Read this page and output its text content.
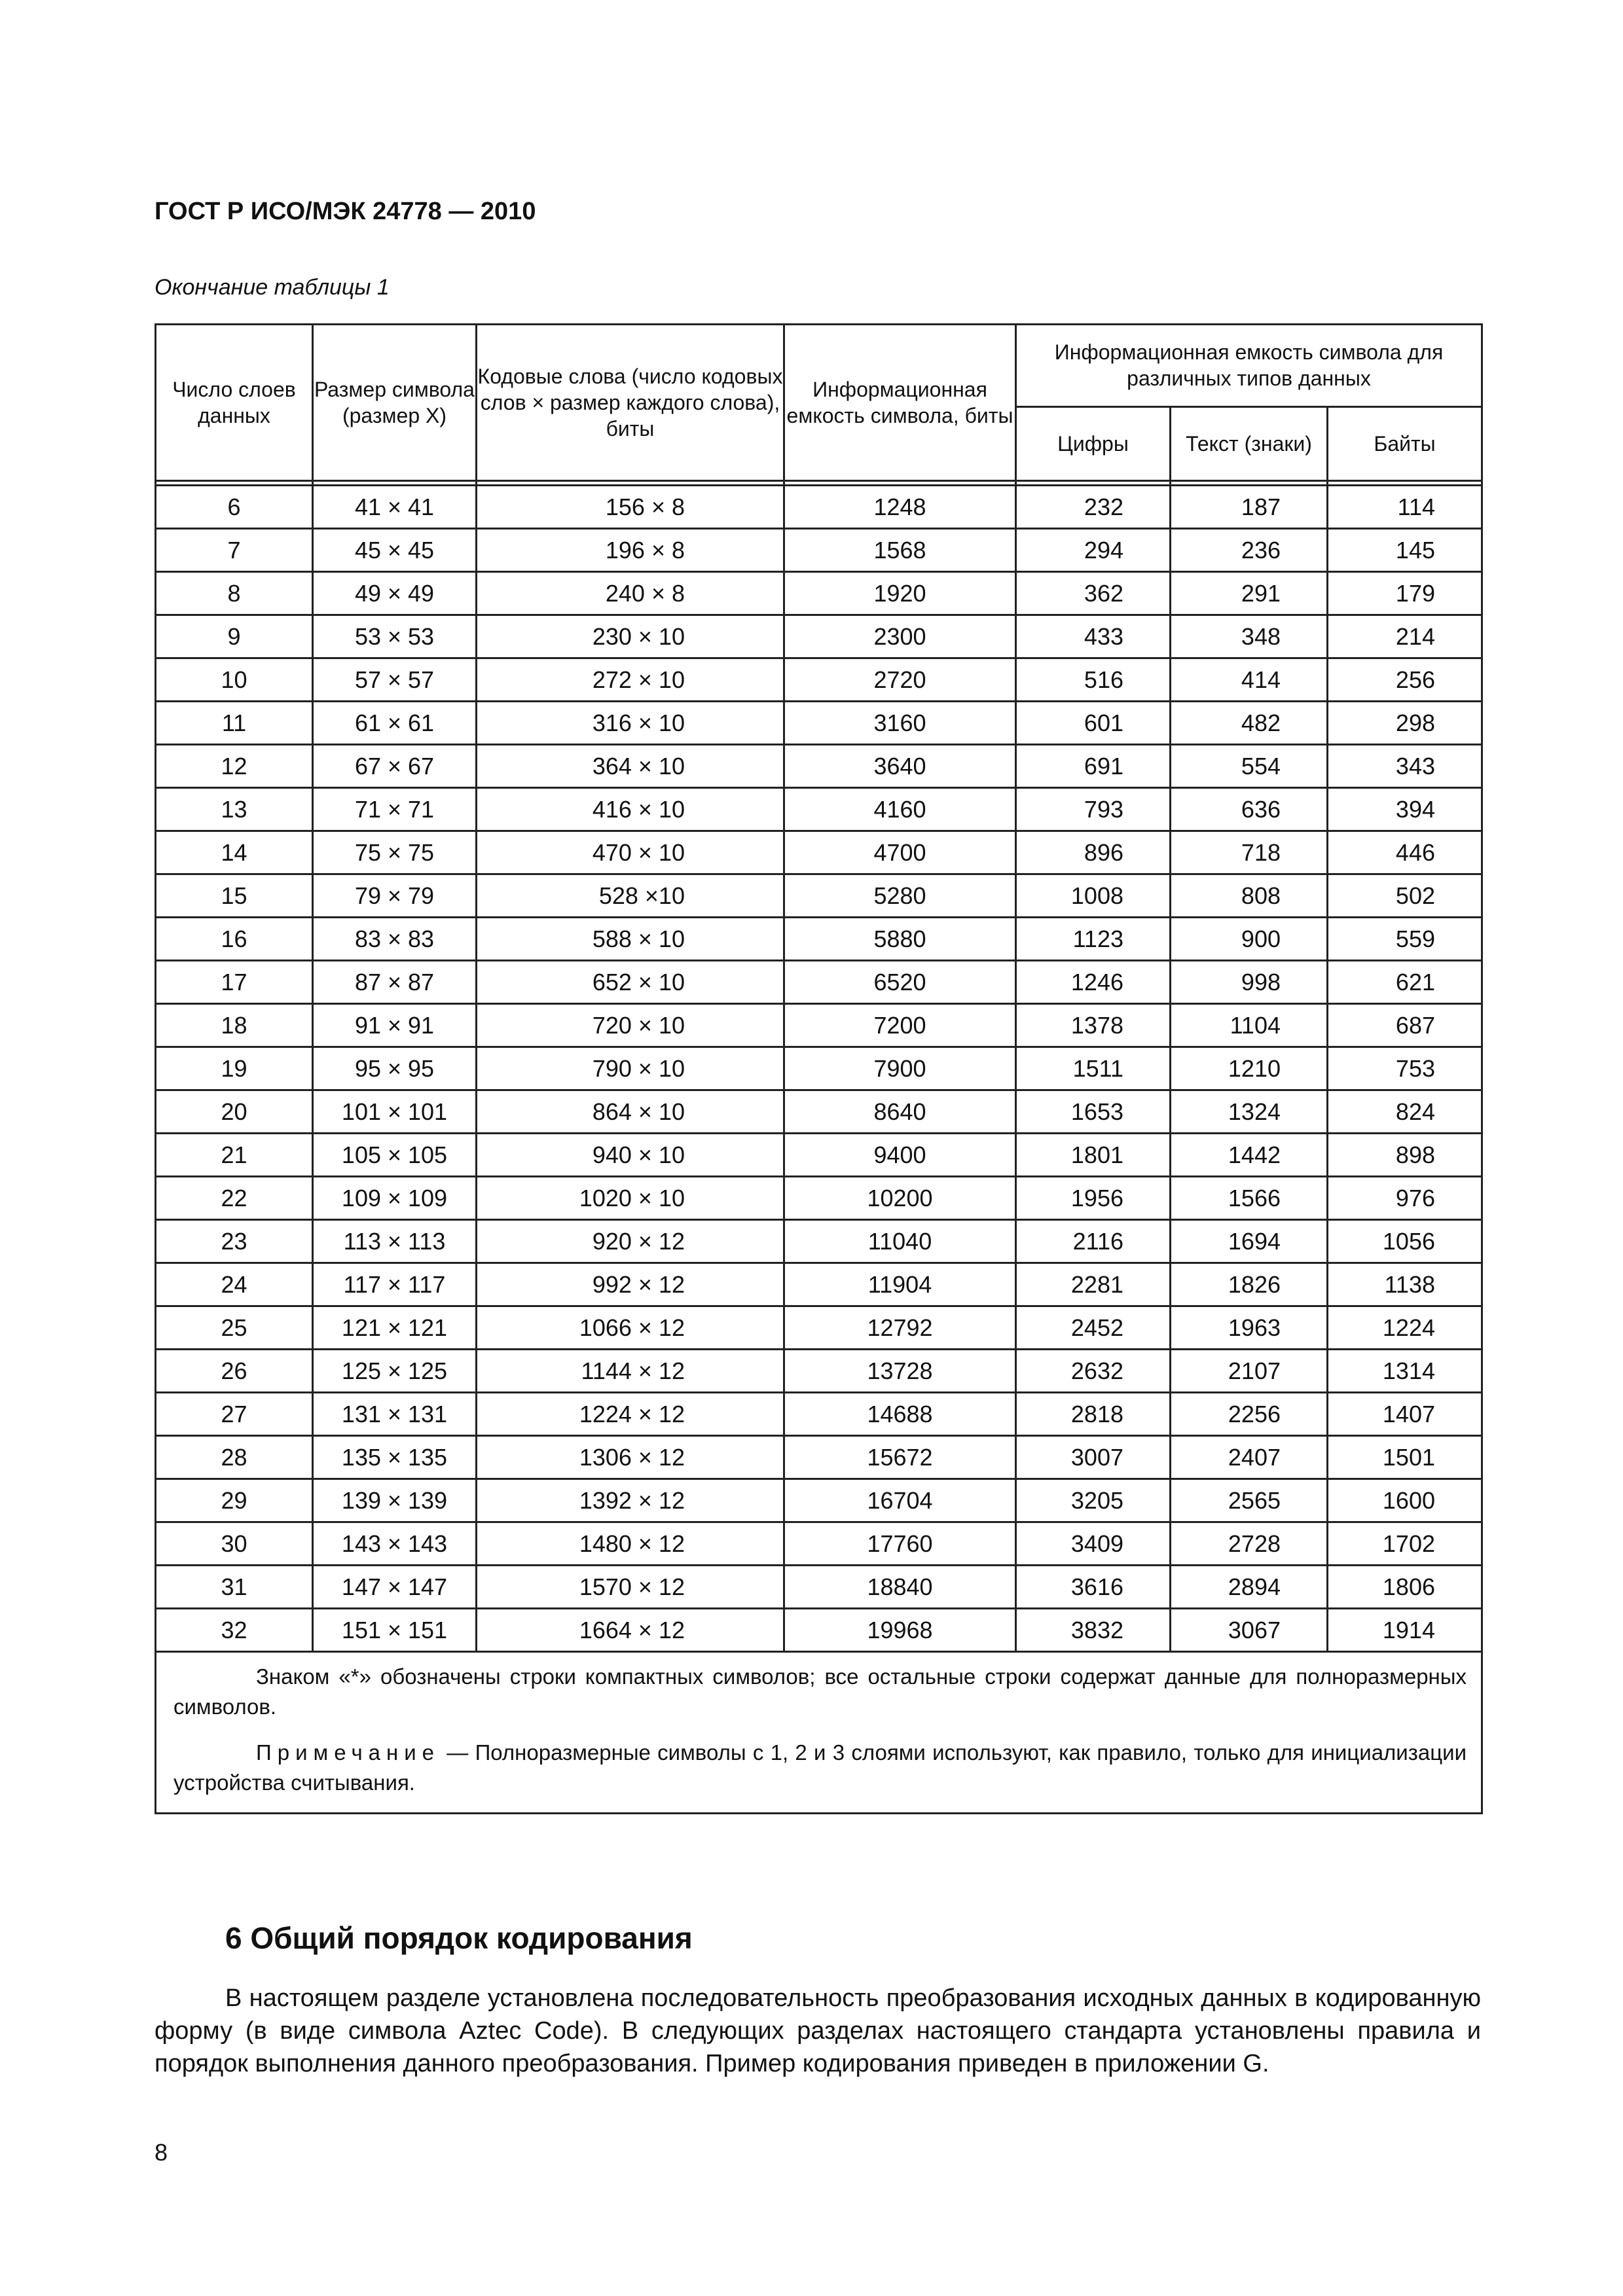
ГОСТ Р ИСО/МЭК 24778 — 2010
Окончание таблицы 1
Число слоев данных	Размер символа (размер X)	Кодовые слова (число кодовых слов × размер каждого слова), биты	Информационная емкость символа, биты	Информационная емкость символа для различных типов данных		
				Цифры	Текст (знаки)	Байты

6	41 × 41	156 × 8	1248	232	187	114
7	45 × 45	196 × 8	1568	294	236	145
8	49 × 49	240 × 8	1920	362	291	179
9	53 × 53	230 × 10	2300	433	348	214
10	57 × 57	272 × 10	2720	516	414	256
11	61 × 61	316 × 10	3160	601	482	298
12	67 × 67	364 × 10	3640	691	554	343
13	71 × 71	416 × 10	4160	793	636	394
14	75 × 75	470 × 10	4700	896	718	446
15	79 × 79	528 ×10	5280	1008	808	502
16	83 × 83	588 × 10	5880	1123	900	559
17	87 × 87	652 × 10	6520	1246	998	621
18	91 × 91	720 × 10	7200	1378	1104	687
19	95 × 95	790 × 10	7900	1511	1210	753
20	101 × 101	864 × 10	8640	1653	1324	824
21	105 × 105	940 × 10	9400	1801	1442	898
22	109 × 109	1020 × 10	10200	1956	1566	976
23	113 × 113	920 × 12	11040	2116	1694	1056
24	117 × 117	992 × 12	11904	2281	1826	1138
25	121 × 121	1066 × 12	12792	2452	1963	1224
26	125 × 125	1144 × 12	13728	2632	2107	1314
27	131 × 131	1224 × 12	14688	2818	2256	1407
28	135 × 135	1306 × 12	15672	3007	2407	1501
29	139 × 139	1392 × 12	16704	3205	2565	1600
30	143 × 143	1480 × 12	17760	3409	2728	1702
31	147 × 147	1570 × 12	18840	3616	2894	1806
32	151 × 151	1664 × 12	19968	3832	3067	1914

Знаком «*» обозначены строки компактных символов; все остальные строки содержат данные для полноразмерных символов.

Примечание — Полноразмерные символы с 1, 2 и 3 слоями используют, как правило, только для инициализации устройства считывания.						

6 Общий порядок кодирования

В настоящем разделе установлена последовательность преобразования исходных данных в кодированную форму (в виде символа Aztec Code). В следующих разделах настоящего стандарта установлены правила и порядок выполнения данного преобразования. Пример кодирования приведен в приложении G.

8
